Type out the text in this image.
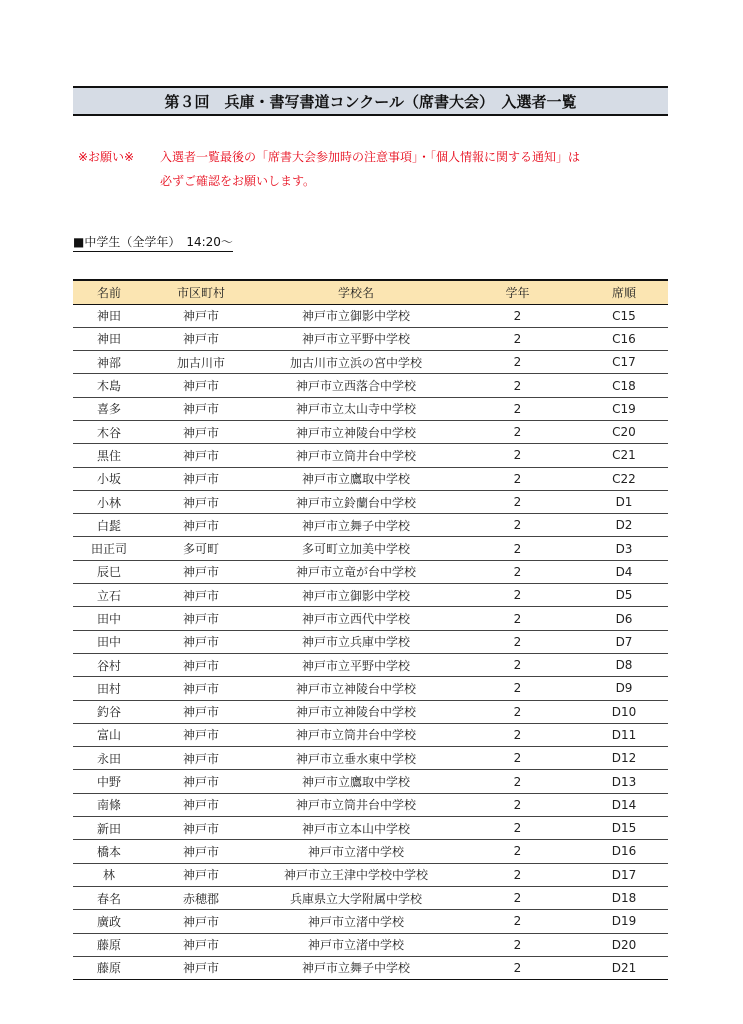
第３回　兵庫・書写書道コンクール（席書大会）　入選者一覧
※お願い※	入選者一覧最後の「席書大会参加時の注意事項」・「個人情報に関する通知」は
必ずご確認をお願いします。
■中学生（全学年）　14:20～
名前	市区町村	学校名	学年	席順
神田	神戸市	神戸市立御影中学校	2	C15
神田	神戸市	神戸市立平野中学校	2	C16
神部	加古川市	加古川市立浜の宮中学校	2	C17
木島	神戸市	神戸市立西落合中学校	2	C18
喜多	神戸市	神戸市立太山寺中学校	2	C19
木谷	神戸市	神戸市立神陵台中学校	2	C20
黒住	神戸市	神戸市立筒井台中学校	2	C21
小坂	神戸市	神戸市立鷹取中学校	2	C22
小林	神戸市	神戸市立鈴蘭台中学校	2	D1
白髭	神戸市	神戸市立舞子中学校	2	D2
田正司	多可町	多可町立加美中学校	2	D3
辰巳	神戸市	神戸市立竜が台中学校	2	D4
立石	神戸市	神戸市立御影中学校	2	D5
田中	神戸市	神戸市立西代中学校	2	D6
田中	神戸市	神戸市立兵庫中学校	2	D7
谷村	神戸市	神戸市立平野中学校	2	D8
田村	神戸市	神戸市立神陵台中学校	2	D9
釣谷	神戸市	神戸市立神陵台中学校	2	D10
富山	神戸市	神戸市立筒井台中学校	2	D11
永田	神戸市	神戸市立垂水東中学校	2	D12
中野	神戸市	神戸市立鷹取中学校	2	D13
南條	神戸市	神戸市立筒井台中学校	2	D14
新田	神戸市	神戸市立本山中学校	2	D15
橋本	神戸市	神戸市立渚中学校	2	D16
林	神戸市	神戸市立王津中学校中学校	2	D17
春名	赤穂郡	兵庫県立大学附属中学校	2	D18
廣政	神戸市	神戸市立渚中学校	2	D19
藤原	神戸市	神戸市立渚中学校	2	D20
藤原	神戸市	神戸市立舞子中学校	2	D21
